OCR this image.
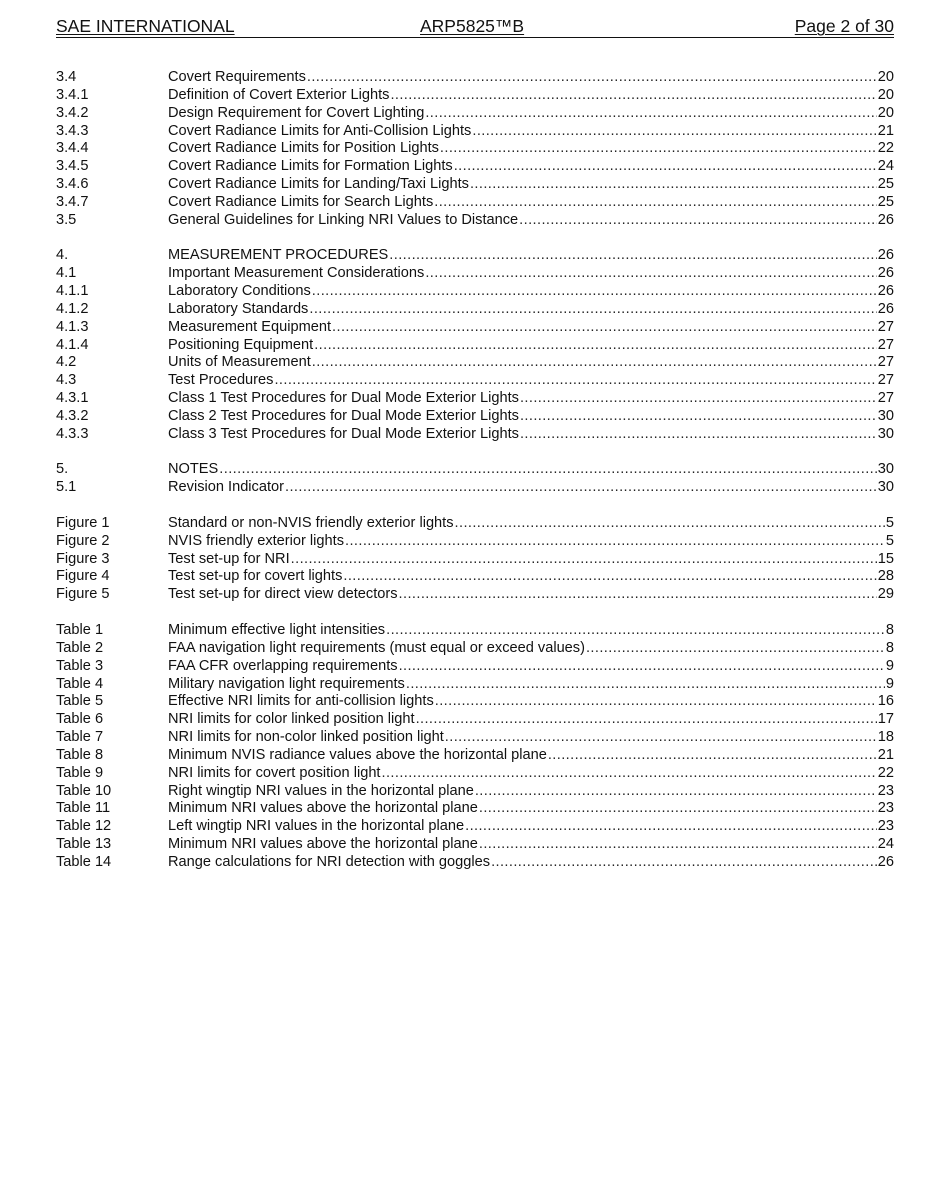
SAE INTERNATIONAL	ARP5825™B	Page 2 of 30
3.4	Covert Requirements .....	20
3.4.1	Definition of Covert Exterior Lights .....	20
3.4.2	Design Requirement for Covert Lighting .....	20
3.4.3	Covert Radiance Limits for Anti-Collision Lights .....	21
3.4.4	Covert Radiance Limits for Position Lights .....	22
3.4.5	Covert Radiance Limits for Formation Lights .....	24
3.4.6	Covert Radiance Limits for Landing/Taxi Lights .....	25
3.4.7	Covert Radiance Limits for Search Lights .....	25
3.5	General Guidelines for Linking NRI Values to Distance .....	26
4.	MEASUREMENT PROCEDURES .....	26
4.1	Important Measurement Considerations .....	26
4.1.1	Laboratory Conditions .....	26
4.1.2	Laboratory Standards .....	26
4.1.3	Measurement Equipment .....	27
4.1.4	Positioning Equipment .....	27
4.2	Units of Measurement .....	27
4.3	Test Procedures .....	27
4.3.1	Class 1 Test Procedures for Dual Mode Exterior Lights .....	27
4.3.2	Class 2 Test Procedures for Dual Mode Exterior Lights .....	30
4.3.3	Class 3 Test Procedures for Dual Mode Exterior Lights .....	30
5.	NOTES .....	30
5.1	Revision Indicator .....	30
Figure 1	Standard or non-NVIS friendly exterior lights .....	5
Figure 2	NVIS friendly exterior lights .....	5
Figure 3	Test set-up for NRI .....	15
Figure 4	Test set-up for covert lights .....	28
Figure 5	Test set-up for direct view detectors .....	29
Table 1	Minimum effective light intensities .....	8
Table 2	FAA navigation light requirements (must equal or exceed values) .....	8
Table 3	FAA CFR overlapping requirements .....	9
Table 4	Military navigation light requirements .....	9
Table 5	Effective NRI limits for anti-collision lights .....	16
Table 6	NRI limits for color linked position light .....	17
Table 7	NRI limits for non-color linked position light .....	18
Table 8	Minimum NVIS radiance values above the horizontal plane .....	21
Table 9	NRI limits for covert position light .....	22
Table 10	Right wingtip NRI values in the horizontal plane .....	23
Table 11	Minimum NRI values above the horizontal plane .....	23
Table 12	Left wingtip NRI values in the horizontal plane .....	23
Table 13	Minimum NRI values above the horizontal plane .....	24
Table 14	Range calculations for NRI detection with goggles .....	26
